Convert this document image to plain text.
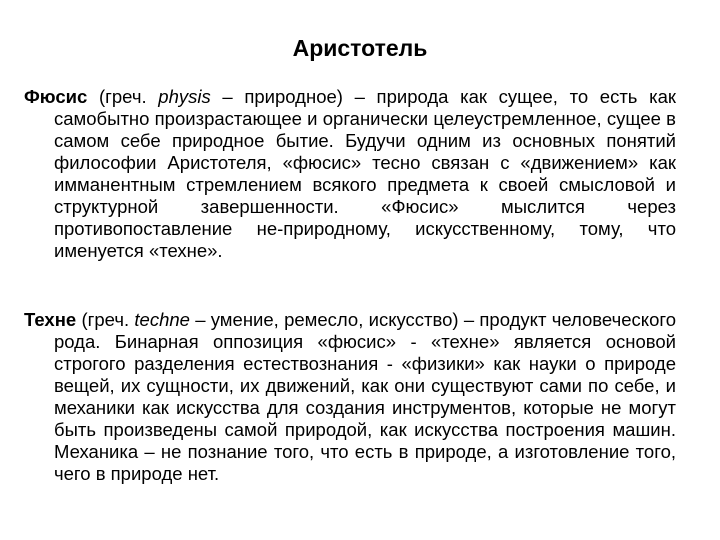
Аристотель

Фюсис (греч. physis – природное) – природа как сущее, то есть как самобытно произрастающее и органически целеустремленное, сущее в самом себе природное бытие. Будучи одним из основных понятий философии Аристотеля, «фюсис» тесно связан с «движением» как имманентным стремлением всякого предмета к своей смысловой и структурной завершенности. «Фюсис» мыслится через противопоставление не-природному, искусственному, тому, что именуется «техне».

Техне (греч. techne – умение, ремесло, искусство) – продукт человеческого рода. Бинарная оппозиция «фюсис» - «техне» является основой строгого разделения естествознания - «физики» как науки о природе вещей, их сущности, их движений, как они существуют сами по себе, и механики как искусства для создания инструментов, которые не могут быть произведены самой природой, как искусства построения машин. Механика – не познание того, что есть в природе, а изготовление того, чего в природе нет.
